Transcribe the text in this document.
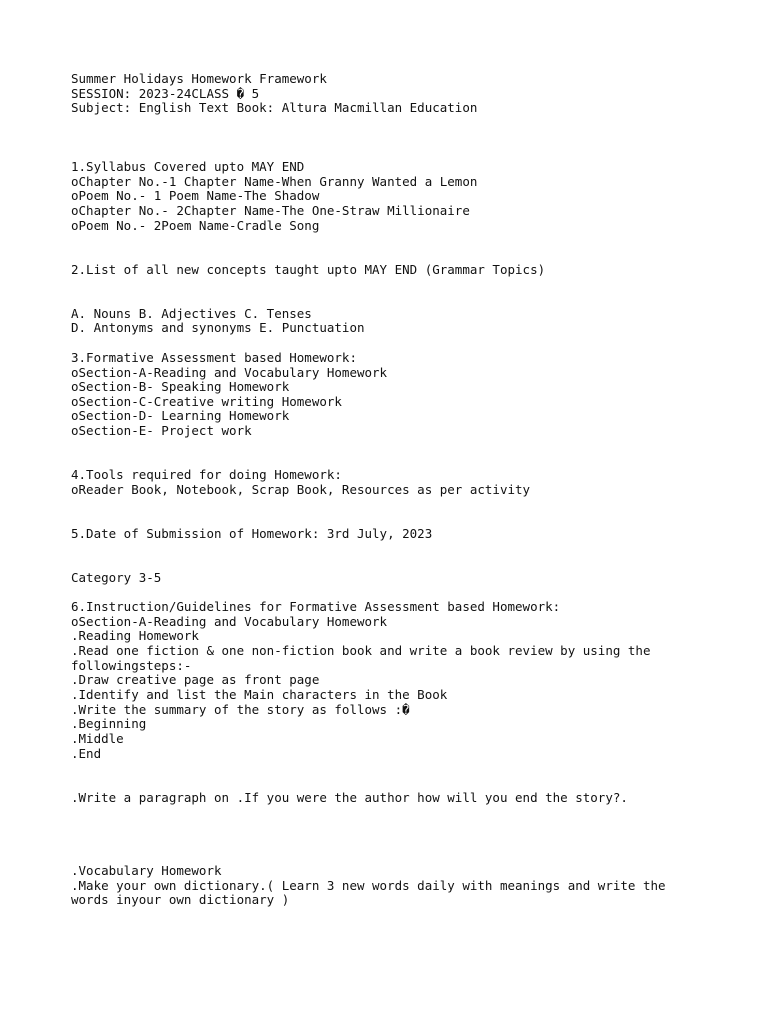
Summer Holidays Homework Framework

SESSION: 2023-24CLASS � 5

Subject: English Text Book: Altura Macmillan Education

1.Syllabus Covered upto MAY END

oChapter No.-1 Chapter Name-When Granny Wanted a Lemon

oPoem No.- 1 Poem Name-The Shadow

oChapter No.- 2Chapter Name-The One-Straw Millionaire

oPoem No.- 2Poem Name-Cradle Song

2.List of all new concepts taught upto MAY END (Grammar Topics)

A. Nouns B. Adjectives C. Tenses

D. Antonyms and synonyms E. Punctuation

3.Formative Assessment based Homework:

oSection-A-Reading and Vocabulary Homework

oSection-B- Speaking Homework

oSection-C-Creative writing Homework

oSection-D- Learning Homework

oSection-E- Project work

4.Tools required for doing Homework:

oReader Book, Notebook, Scrap Book, Resources as per activity

5.Date of Submission of Homework: 3rd July, 2023

Category 3-5

6.Instruction/Guidelines for Formative Assessment based Homework:

oSection-A-Reading and Vocabulary Homework

.Reading Homework

.Read one fiction & one non-fiction book and write a book review by using the

followingsteps:-

.Draw creative page as front page

.Identify and list the Main characters in the Book

.Write the summary of the story as follows :�

.Beginning

.Middle

.End

.Write a paragraph on .If you were the author how will you end the story?.

.Vocabulary Homework

.Make your own dictionary.( Learn 3 new words daily with meanings and write the

words inyour own dictionary )
